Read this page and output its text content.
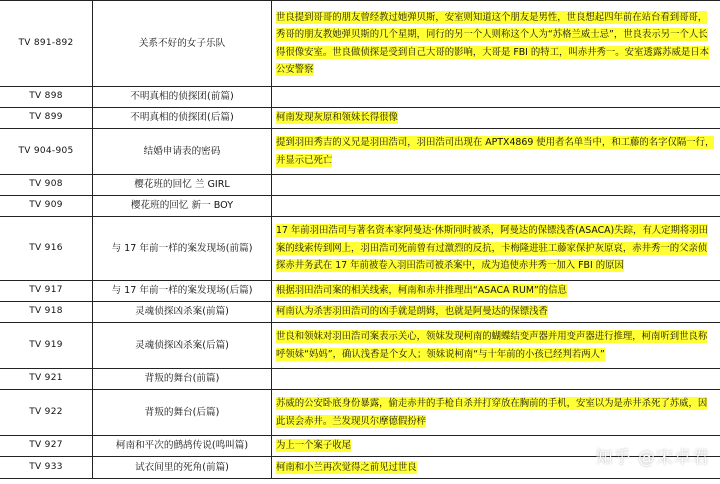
TV 891-892	关系不好的女子乐队	世良提到哥哥的朋友曾经教过她弹贝斯，安室则知道这个朋友是男性，世良想起四年前在站台看到哥哥，秀哥的朋友教她弹贝斯的几个星期，同行的另一个人则称这个人为“苏格兰威士忌”，世良表示另一个人长得很像安室。世良做侦探是受到自己大哥的影响，大哥是 FBI 的特工，叫赤井秀一。安室透露苏威是日本公安警察
TV 898	不明真相的侦探团(前篇)	
TV 899	不明真相的侦探团(后篇)	柯南发现灰原和领妹长得很像
TV 904-905	结婚申请表的密码	提到羽田秀吉的义兄是羽田浩司，羽田浩司出现在 APTX4869 使用者名单当中，和工藤的名字仅隔一行，并显示已死亡
TV 908	樱花班的回忆 兰 GIRL	
TV 909	樱花班的回忆 新一 BOY	
TV 916	与 17 年前一样的案发现场(前篇)	17 年前羽田浩司与著名资本家阿曼达·休斯同时被杀，阿曼达的保镖浅香(ASACA)失踪，有人定期将羽田案的线索传到网上，羽田浩司死前曾有过激烈的反抗，卡梅隆进驻工藤家保护灰原哀，赤井秀一的父亲侦探赤井务武在 17 年前被卷入羽田浩司被杀案中，成为追使赤井秀一加入 FBI 的原因
TV 917	与 17 年前一样的案发现场(后篇)	根据羽田浩司案的相关线索，柯南和赤井推理出“ASACA RUM”的信息
TV 918	灵魂侦探凶杀案(前篇)	柯南认为杀害羽田浩司的凶手就是朗姆，也就是阿曼达的保镖浅香
TV 919	灵魂侦探凶杀案(后篇)	世良和领妹对羽田浩司案表示关心，领妹发现柯南的蝴蝶结变声器并用变声器进行推理，柯南听到世良称呼领妹“妈妈”，确认浅香是个女人；领妹说柯南“与十年前的小孩已经判若两人”
TV 921	背叛的舞台(前篇)	
TV 922	背叛的舞台(后篇)	苏威的公安卧底身份暴露，偷走赤井的手枪自杀并打穿放在胸前的手机，安室以为是赤井杀死了苏威，因此误会赤井。兰发现贝尔摩德假扮梓
TV 927	柯南和平次的鹧鸪传说(鸣叫篇)	为上一个案子收尾
TV 933	试衣间里的死角(前篇)	柯南和小兰再次觉得之前见过世良	知乎 @宋卓君
